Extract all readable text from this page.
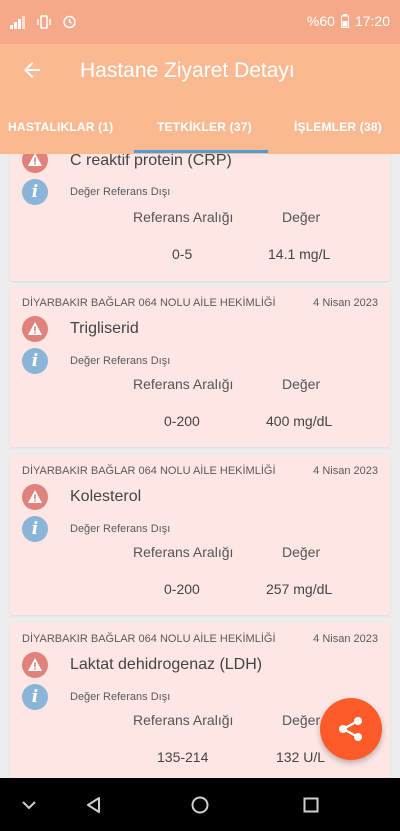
%60 17:20
Hastane Ziyaret Detayı
HASTALIKLAR (1)	TETKİKLER (37)	İŞLEMLER (38)
C reaktif protein (CRP)
i	Değer Referans Dışı
Referans Aralığı	Değer
0-5	14.1 mg/L
DİYARBAKIR BAĞLAR 064 NOLU AİLE HEKİMLİĞİ	4 Nisan 2023
Trigliserid
i	Değer Referans Dışı
Referans Aralığı	Değer
0-200	400 mg/dL
DİYARBAKIR BAĞLAR 064 NOLU AİLE HEKİMLİĞİ	4 Nisan 2023
Kolesterol
i	Değer Referans Dışı
Referans Aralığı	Değer
0-200	257 mg/dL
DİYARBAKIR BAĞLAR 064 NOLU AİLE HEKİMLİĞİ	4 Nisan 2023
Laktat dehidrogenaz (LDH)
i	Değer Referans Dışı
Referans Aralığı	Değer
135-214	132 U/L
